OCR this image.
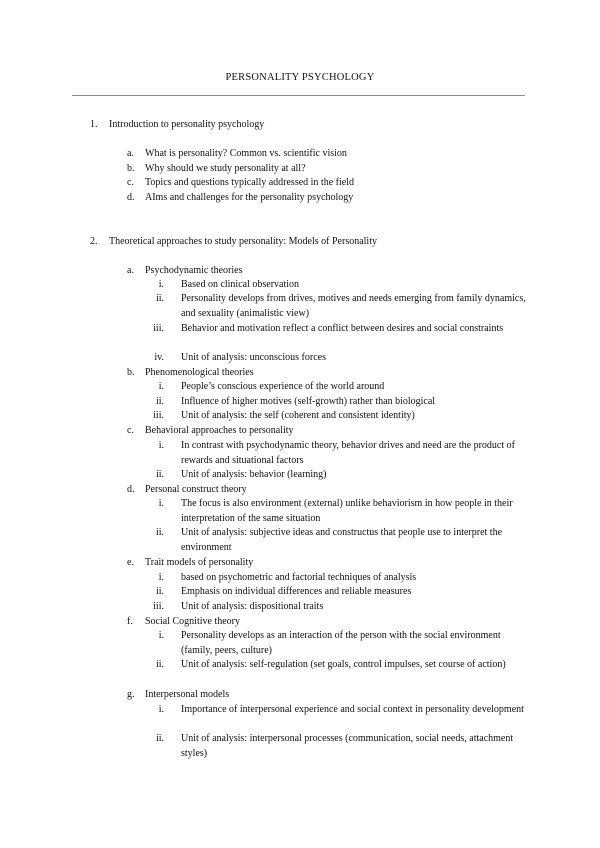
PERSONALITY PSYCHOLOGY
1.	Introduction to personality psychology
a.	What is personality? Common vs. scientific vision
b.	Why should we study personality at all?
c.	Topics and questions typically addressed in the field
d.	AIms and challenges for the personality psychology
2.	Theoretical approaches to study personality: Models of Personality
a.	Psychodynamic theories
i. Based on clinical observation
ii. Personality develops from drives, motives and needs emerging from family dynamics, and sexuality (animalistic view)
iii. Behavior and motivation reflect a conflict between desires and social constraints
iv. Unit of analysis: unconscious forces
b.	Phenomenological theories
i. People’s conscious experience of the world around
ii. Influence of higher motives (self-growth) rather than biological
iii. Unit of analysis: the self (coherent and consistent identity)
c.	Behavioral approaches to personality
i. In contrast with psychodynamic theory, behavior drives and need are the product of rewards and situational factors
ii. Unit of analysis: behavior (learning)
d.	Personal construct theory
i. The focus is also environment (external) unlike behaviorism in how people in their interpretation of the same situation
ii. Unit of analysis: subjective ideas and constructus that people use to interpret the environment
e.	Trait models of personality
i. based on psychometric and factorial techniques of analysis
ii. Emphasis on individual differences and reliable measures
iii. Unit of analysis: dispositional traits
f.	Social Cognitive theory
i. Personality develops as an interaction of the person with the social environment (family, peers, culture)
ii. Unit of analysis: self-regulation (set goals, control impulses, set course of action)
g.	Interpersonal models
i. Importance of interpersonal experience and social context in personality development
ii. Unit of analysis: interpersonal processes (communication, social needs, attachment styles)
